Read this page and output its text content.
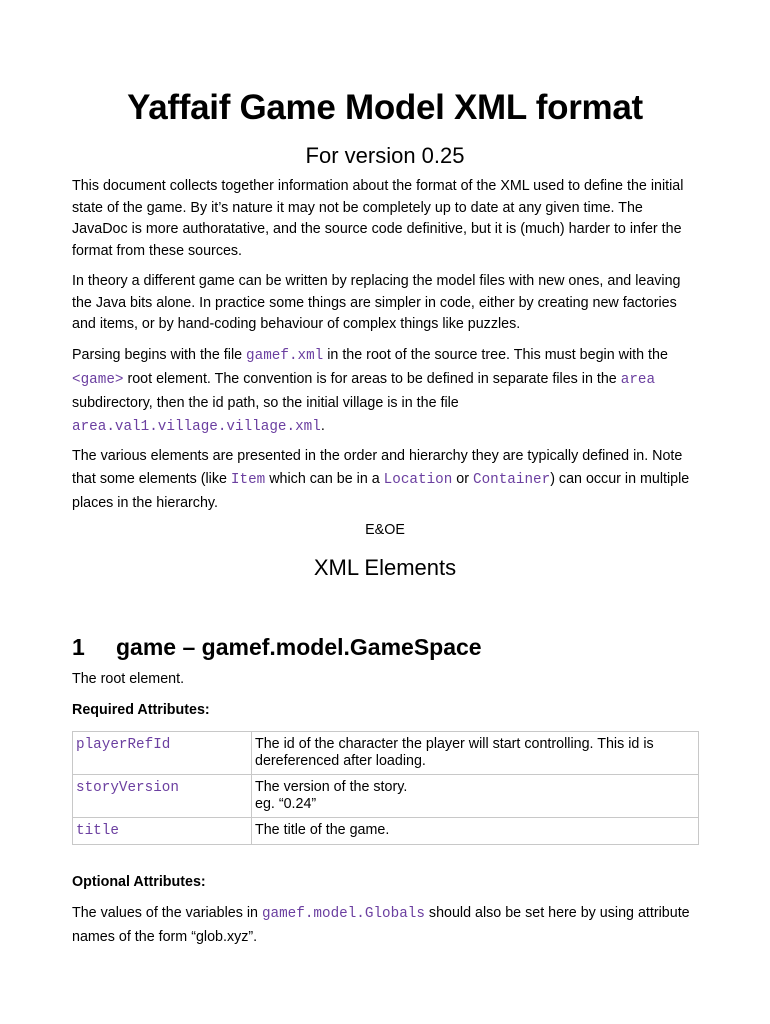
Yaffaif Game Model XML format
For version 0.25

This document collects together information about the format of the XML used to define the initial state of the game. By it’s nature it may not be completely up to date at any given time. The JavaDoc is more authoratative, and the source code definitive, but it is (much) harder to infer the format from these sources.

In theory a different game can be written by replacing the model files with new ones, and leaving the Java bits alone. In practice some things are simpler in code, either by creating new factories and items, or by hand-coding behaviour of complex things like puzzles.

Parsing begins with the file gamef.xml in the root of the source tree. This must begin with the <game> root element. The convention is for areas to be defined in separate files in the area subdirectory, then the id path, so the initial village is in the file area.val1.village.village.xml.

The various elements are presented in the order and hierarchy they are typically defined in. Note that some elements (like Item which can be in a Location or Container) can occur in multiple places in the hierarchy.

E&OE

XML Elements
1 game – gamef.model.GameSpace

The root element.

Required Attributes:

playerRefId	The id of the character the player will start controlling. This id is dereferenced after loading.
storyVersion	The version of the story.
eg. “0.24”

title	The title of the game.

Optional Attributes:

The values of the variables in gamef.model.Globals should also be set here by using attribute names of the form “glob.xyz”.
